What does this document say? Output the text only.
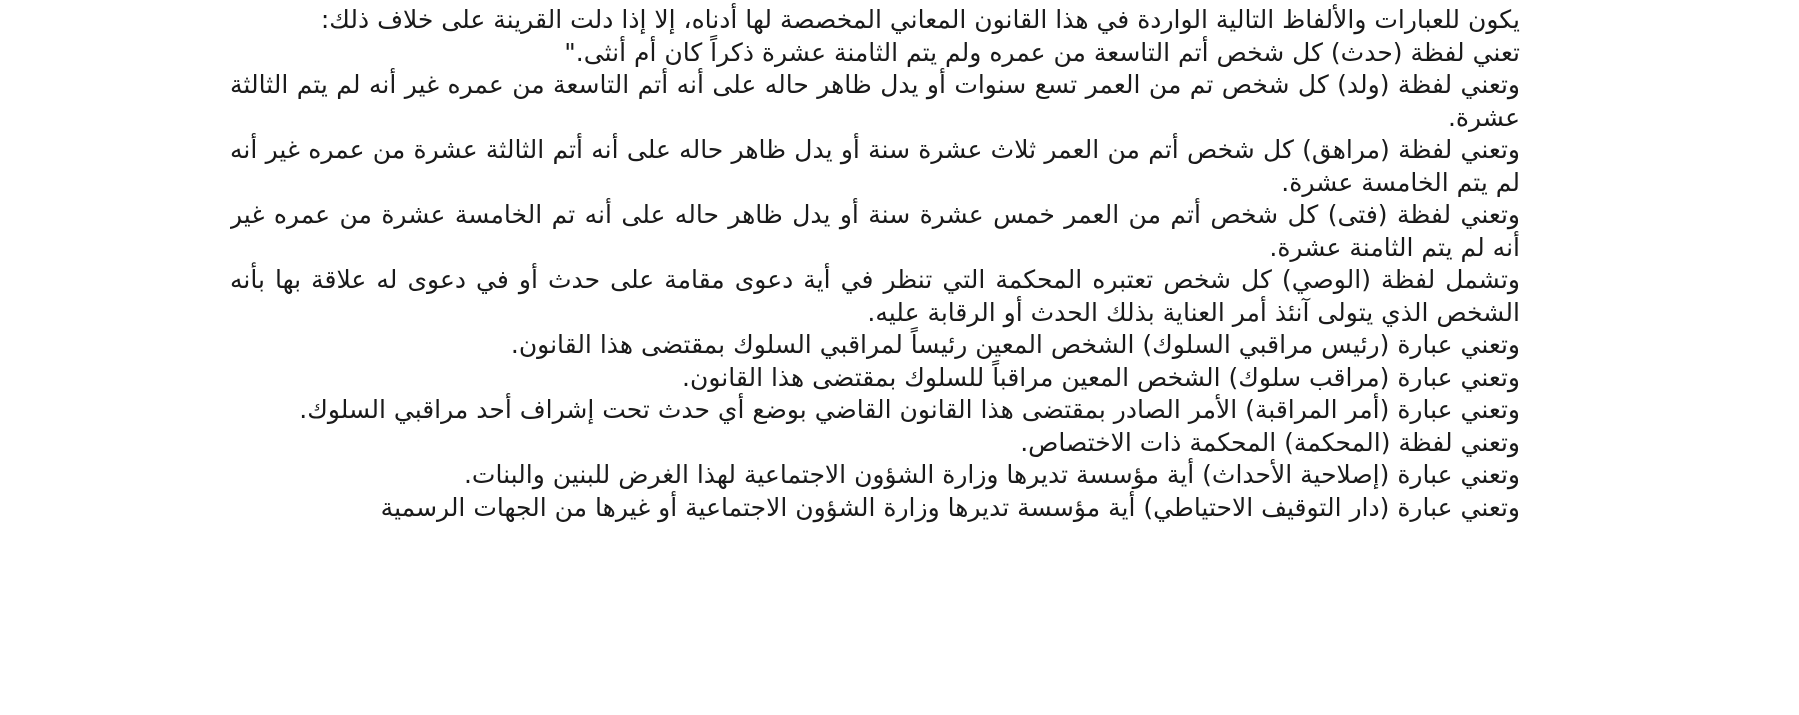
يكون للعبارات والألفاظ التالية الواردة في هذا القانون المعاني المخصصة لها أدناه، إلا إذا دلت القرينة على خلاف ذلك:

تعني لفظة (حدث) كل شخص أتم التاسعة من عمره ولم يتم الثامنة عشرة ذكراً كان أم أنثى."

وتعني لفظة (ولد) كل شخص تم من العمر تسع سنوات أو يدل ظاهر حاله على أنه أتم التاسعة من عمره غير أنه لم يتم الثالثة عشرة.

وتعني لفظة (مراهق) كل شخص أتم من العمر ثلاث عشرة سنة أو يدل ظاهر حاله على أنه أتم الثالثة عشرة من عمره غير أنه لم يتم الخامسة عشرة.

وتعني لفظة (فتى) كل شخص أتم من العمر خمس عشرة سنة أو يدل ظاهر حاله على أنه تم الخامسة عشرة من عمره غير أنه لم يتم الثامنة عشرة.

وتشمل لفظة (الوصي) كل شخص تعتبره المحكمة التي تنظر في أية دعوى مقامة على حدث أو في دعوى له علاقة بها بأنه الشخص الذي يتولى آنئذ أمر العناية بذلك الحدث أو الرقابة عليه.

وتعني عبارة (رئيس مراقبي السلوك) الشخص المعين رئيساً لمراقبي السلوك بمقتضى هذا القانون.

وتعني عبارة (مراقب سلوك) الشخص المعين مراقباً للسلوك بمقتضى هذا القانون.

وتعني عبارة (أمر المراقبة) الأمر الصادر بمقتضى هذا القانون القاضي بوضع أي حدث تحت إشراف أحد مراقبي السلوك.

وتعني لفظة (المحكمة) المحكمة ذات الاختصاص.

وتعني عبارة (إصلاحية الأحداث) أية مؤسسة تديرها وزارة الشؤون الاجتماعية لهذا الغرض للبنين والبنات.

وتعني عبارة (دار التوقيف الاحتياطي) أية مؤسسة تديرها وزارة الشؤون الاجتماعية أو غيرها من الجهات الرسمية
